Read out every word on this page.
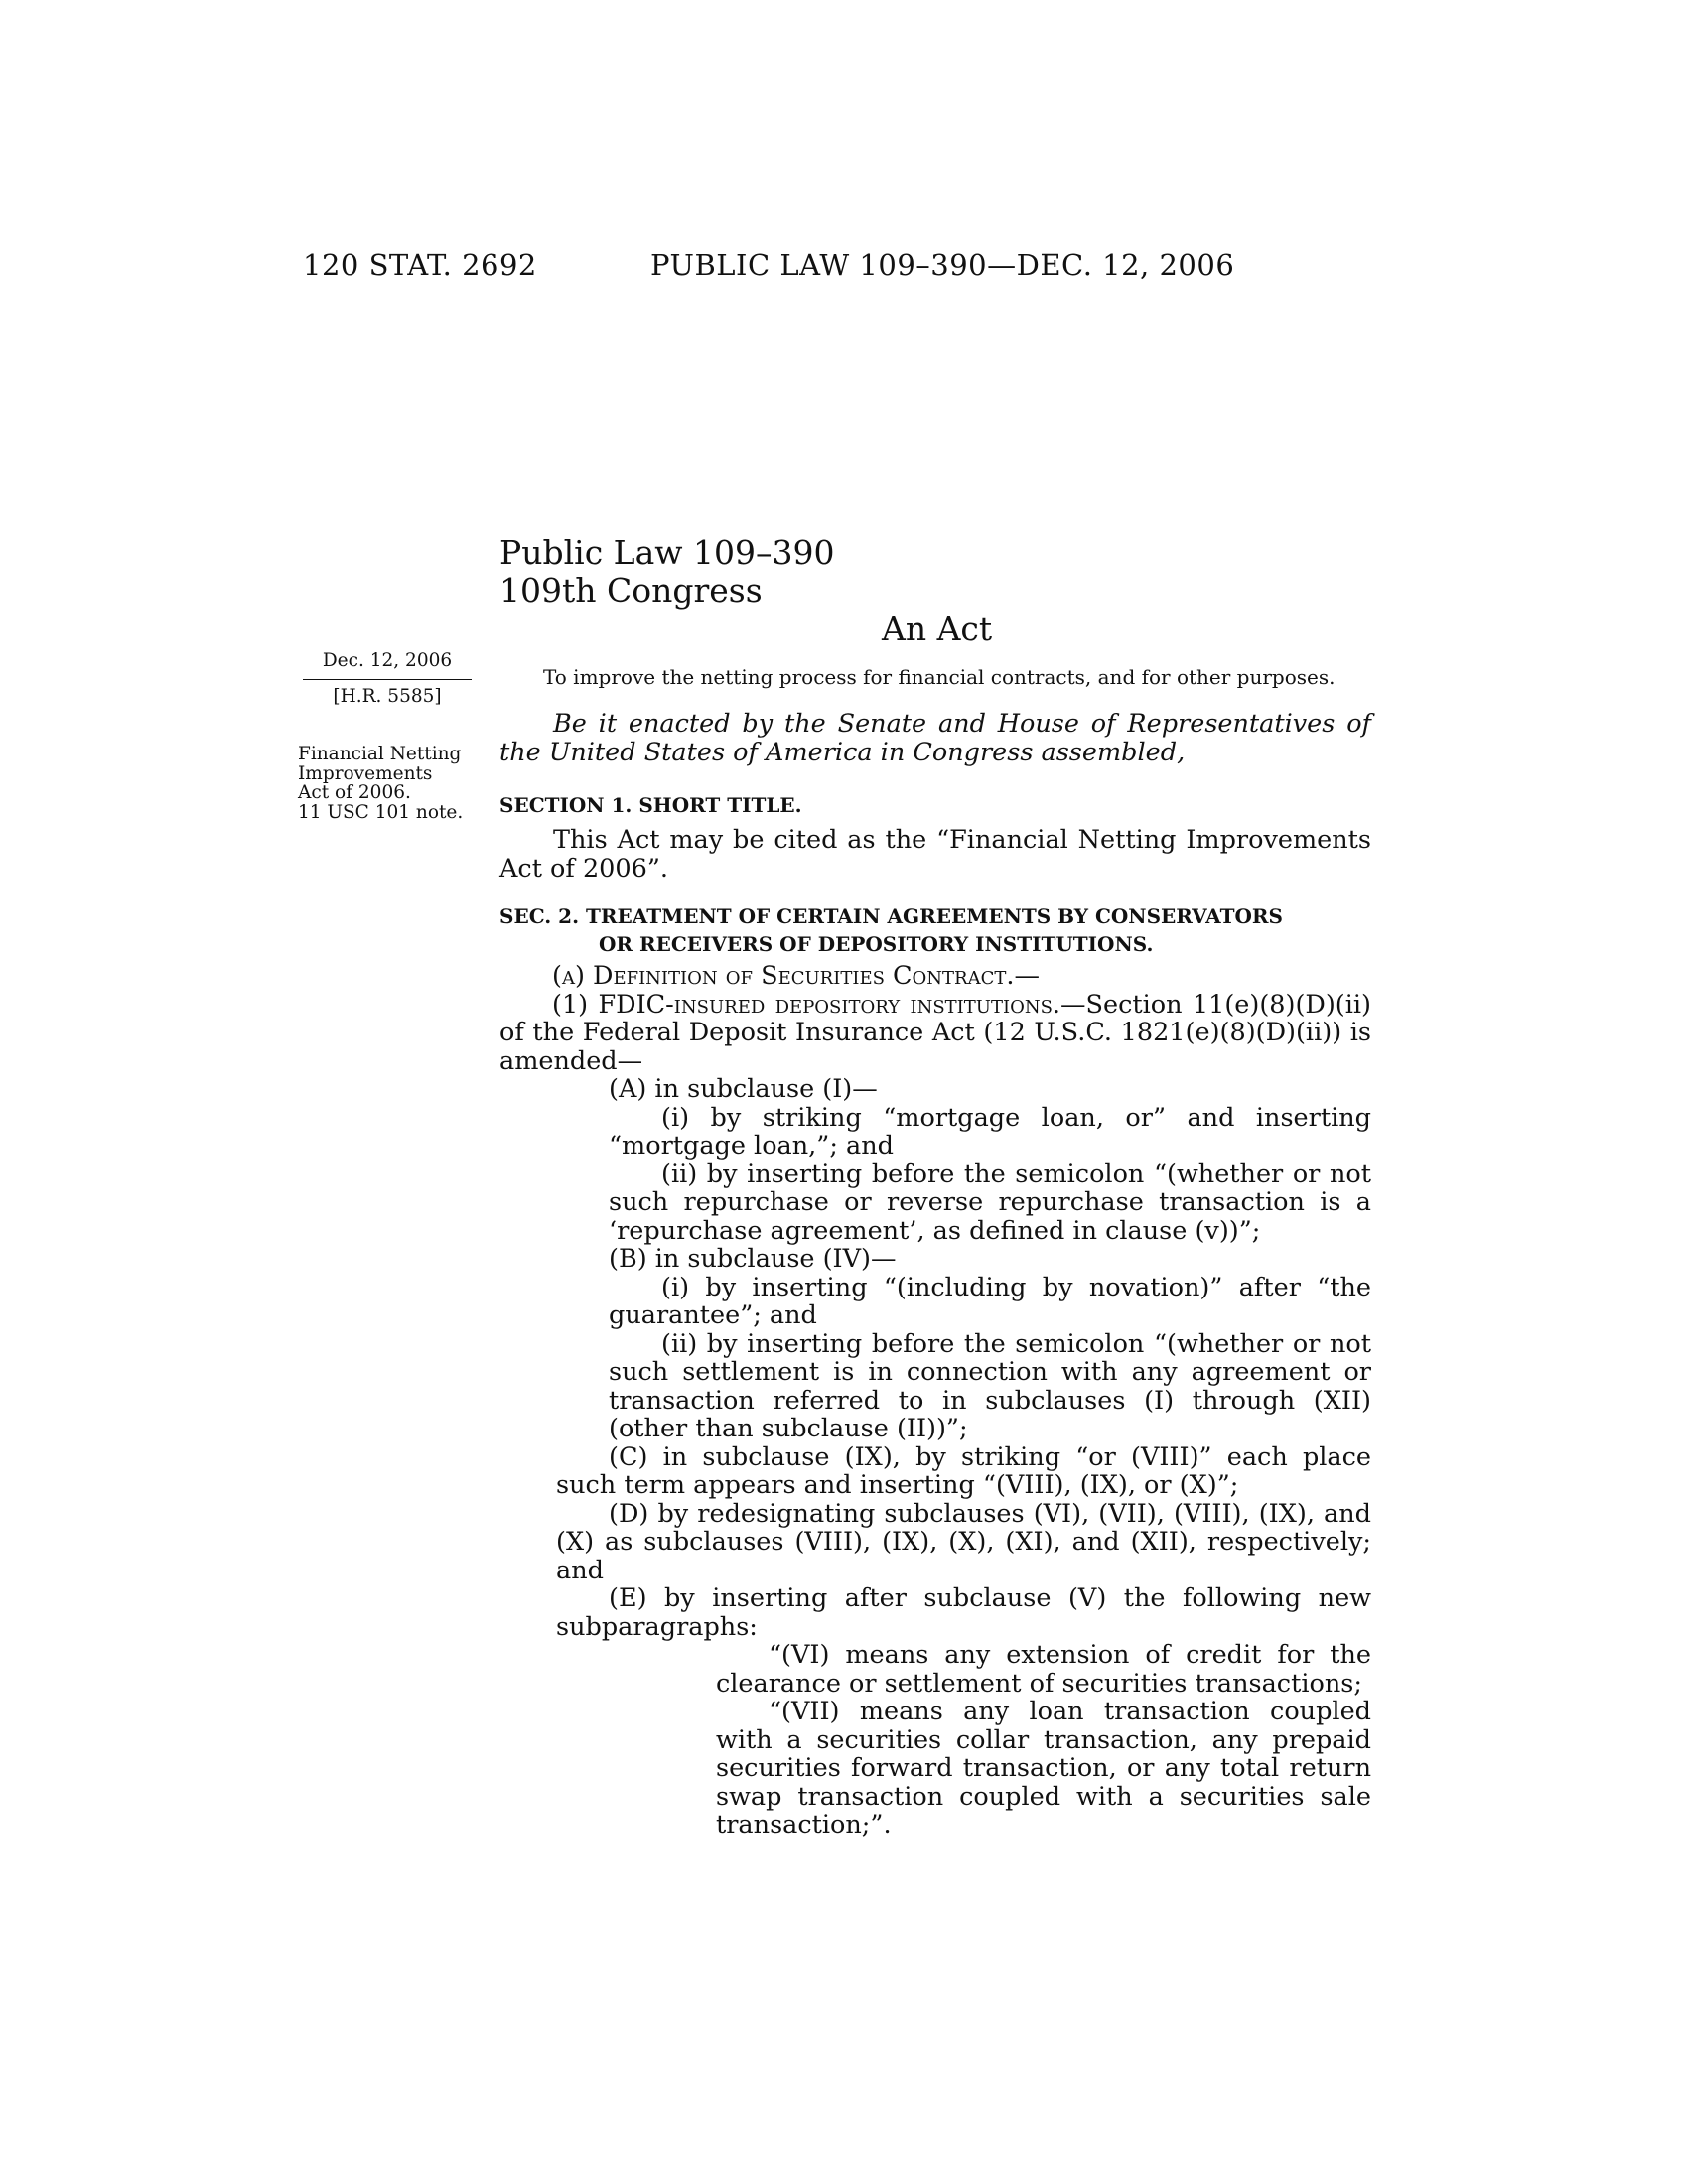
120 STAT. 2692	PUBLIC LAW 109–390—DEC. 12, 2006
Public Law 109–390
109th Congress
An Act
Dec. 12, 2006
[H.R. 5585]
Financial Netting
Improvements
Act of 2006.
11 USC 101 note.
To improve the netting process for financial contracts, and for other purposes.
Be it enacted by the Senate and House of Representatives of the United States of America in Congress assembled,
SECTION 1. SHORT TITLE.
This Act may be cited as the “Financial Netting Improvements Act of 2006”.
SEC. 2. TREATMENT OF CERTAIN AGREEMENTS BY CONSERVATORS
OR RECEIVERS OF DEPOSITORY INSTITUTIONS.
(a) Definition of Securities Contract.—
(1) FDIC-insured depository institutions.—Section 11(e)(8)(D)(ii) of the Federal Deposit Insurance Act (12 U.S.C. 1821(e)(8)(D)(ii)) is amended—
(A) in subclause (I)—
(i) by striking “mortgage loan, or” and inserting “mortgage loan,”; and
(ii) by inserting before the semicolon “(whether or not such repurchase or reverse repurchase transaction is a ‘repurchase agreement’, as defined in clause (v))”;
(B) in subclause (IV)—
(i) by inserting “(including by novation)” after “the guarantee”; and
(ii) by inserting before the semicolon “(whether or not such settlement is in connection with any agreement or transaction referred to in subclauses (I) through (XII) (other than subclause (II))”;
(C) in subclause (IX), by striking “or (VIII)” each place such term appears and inserting “(VIII), (IX), or (X)”;
(D) by redesignating subclauses (VI), (VII), (VIII), (IX), and (X) as subclauses (VIII), (IX), (X), (XI), and (XII), respectively; and
(E) by inserting after subclause (V) the following new subparagraphs:
“(VI) means any extension of credit for the clearance or settlement of securities transactions;
“(VII) means any loan transaction coupled with a securities collar transaction, any prepaid securities forward transaction, or any total return swap transaction coupled with a securities sale transaction;”.
